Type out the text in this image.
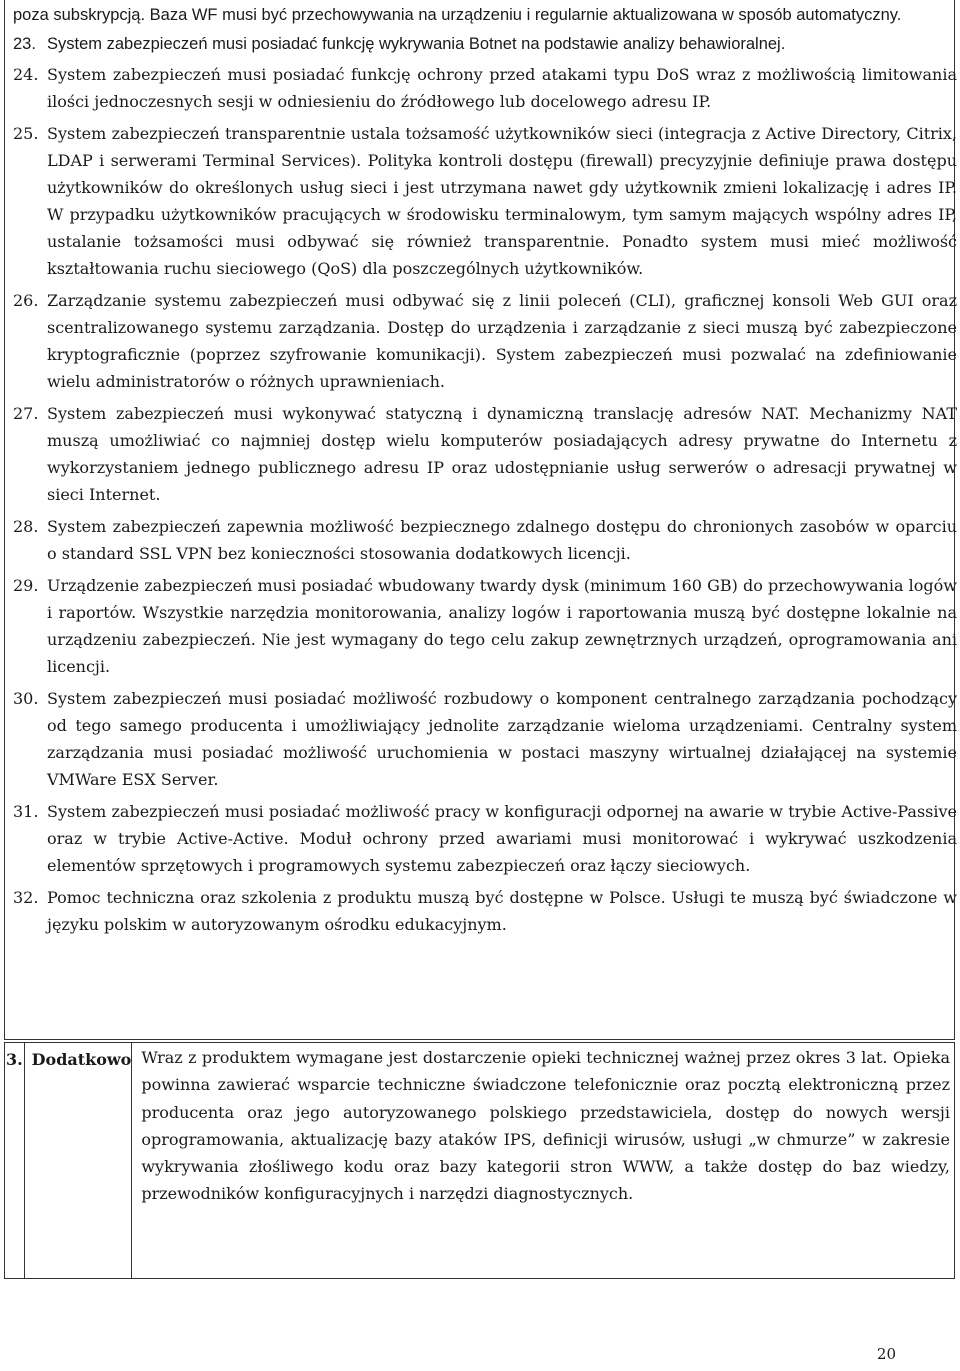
poza subskrypcją. Baza WF musi być przechowywania na urządzeniu i regularnie aktualizowana w sposób automatyczny.
23. System zabezpieczeń musi posiadać funkcję wykrywania Botnet na podstawie analizy behawioralnej.
24. System zabezpieczeń musi posiadać funkcję ochrony przed atakami typu DoS wraz z możliwością limitowania ilości jednoczesnych sesji w odniesieniu do źródłowego lub docelowego adresu IP.
25. System zabezpieczeń transparentnie ustala tożsamość użytkowników sieci (integracja z Active Directory, Citrix, LDAP i serwerami Terminal Services). Polityka kontroli dostępu (firewall) precyzyjnie definiuje prawa dostępu użytkowników do określonych usług sieci i jest utrzymana nawet gdy użytkownik zmieni lokalizację i adres IP. W przypadku użytkowników pracujących w środowisku terminalowym, tym samym mających wspólny adres IP, ustalanie tożsamości musi odbywać się również transparentnie. Ponadto system musi mieć możliwość kształtowania ruchu sieciowego (QoS) dla poszczególnych użytkowników.
26. Zarządzanie systemu zabezpieczeń musi odbywać się z linii poleceń (CLI), graficznej konsoli Web GUI oraz scentralizowanego systemu zarządzania. Dostęp do urządzenia i zarządzanie z sieci muszą być zabezpieczone kryptograficznie (poprzez szyfrowanie komunikacji). System zabezpieczeń musi pozwalać na zdefiniowanie wielu administratorów o różnych uprawnieniach.
27. System zabezpieczeń musi wykonywać statyczną i dynamiczną translację adresów NAT. Mechanizmy NAT muszą umożliwiać co najmniej dostęp wielu komputerów posiadających adresy prywatne do Internetu z wykorzystaniem jednego publicznego adresu IP oraz udostępnianie usług serwerów o adresacji prywatnej w sieci Internet.
28. System zabezpieczeń zapewnia możliwość bezpiecznego zdalnego dostępu do chronionych zasobów w oparciu o standard SSL VPN bez konieczności stosowania dodatkowych licencji.
29. Urządzenie zabezpieczeń musi posiadać wbudowany twardy dysk (minimum 160 GB) do przechowywania logów i raportów. Wszystkie narzędzia monitorowania, analizy logów i raportowania muszą być dostępne lokalnie na urządzeniu zabezpieczeń. Nie jest wymagany do tego celu zakup zewnętrznych urządzeń, oprogramowania ani licencji.
30. System zabezpieczeń musi posiadać możliwość rozbudowy o komponent centralnego zarządzania pochodzący od tego samego producenta i umożliwiający jednolite zarządzanie wieloma urządzeniami. Centralny system zarządzania musi posiadać możliwość uruchomienia w postaci maszyny wirtualnej działającej na systemie VMWare ESX Server.
31. System zabezpieczeń musi posiadać możliwość pracy w konfiguracji odpornej na awarie w trybie Active-Passive oraz w trybie Active-Active. Moduł ochrony przed awariami musi monitorować i wykrywać uszkodzenia elementów sprzętowych i programowych systemu zabezpieczeń oraz łączy sieciowych.
32. Pomoc techniczna oraz szkolenia z produktu muszą być dostępne w Polsce. Usługi te muszą być świadczone w języku polskim w autoryzowanym ośrodku edukacyjnym.
3. Dodatkowo Wraz z produktem wymagane jest dostarczenie opieki technicznej ważnej przez okres 3 lat. Opieka powinna zawierać wsparcie techniczne świadczone telefonicznie oraz pocztą elektroniczną przez producenta oraz jego autoryzowanego polskiego przedstawiciela, dostęp do nowych wersji oprogramowania, aktualizację bazy ataków IPS, definicji wirusów, usługi „w chmurze” w zakresie wykrywania złośliwego kodu oraz bazy kategorii stron WWW, a także dostęp do baz wiedzy, przewodników konfiguracyjnych i narzędzi diagnostycznych.
20
